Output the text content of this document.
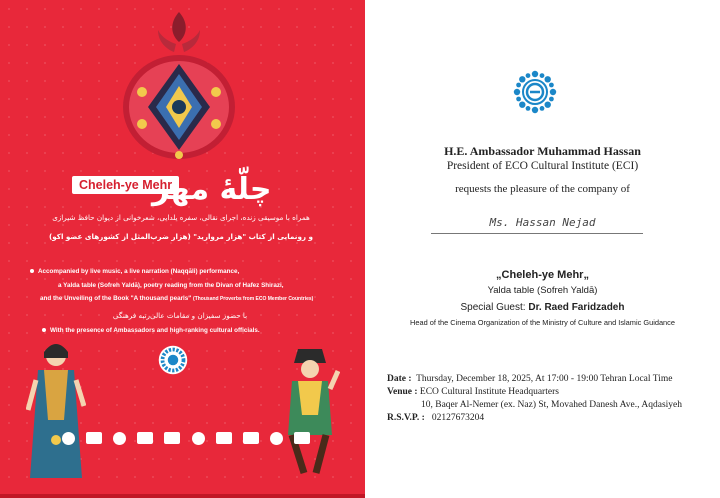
Cheleh-ye Mehr
چلّهٔ مهر
همراه با موسیقی زنده، اجرای نقالی، سفره یلدایی، شعرخوانی از دیوان حافظ شیرازی
و رونمایی از کتاب "هزار مروارید" (هزار ضرب‌المثل از کشورهای عضو اکو)
Accompanied by live music, a live narration (Naqqāli) performance,
a Yalda table (Sofreh Yaldā), poetry reading from the Divan of Hafez Shirazi,
and the Unveiling of the Book "A thousand pearls" (Thousand Proverbs from ECO Member Countries)
با حضور سفیران و مقامات عالی‌رتبه فرهنگی
With the presence of Ambassadors and high-ranking cultural officials.
H.E. Ambassador Muhammad Hassan
President of ECO Cultural Institute (ECI)
requests the pleasure of the company of
Ms. Hassan Nejad
„Cheleh-ye Mehr„
Yalda table (Sofreh Yaldā)
Special Guest: Dr. Raed Faridzadeh
Head of the Cinema Organization of the Ministry of Culture and Islamic Guidance
Date : Thursday, December 18, 2025, At 17:00 - 19:00 Tehran Local Time
Venue : ECO Cultural Institute Headquarters
10, Baqer Al-Nemer (ex. Naz) St, Movahed Danesh Ave., Aqdasiyeh
R.S.V.P. : 02127673204
